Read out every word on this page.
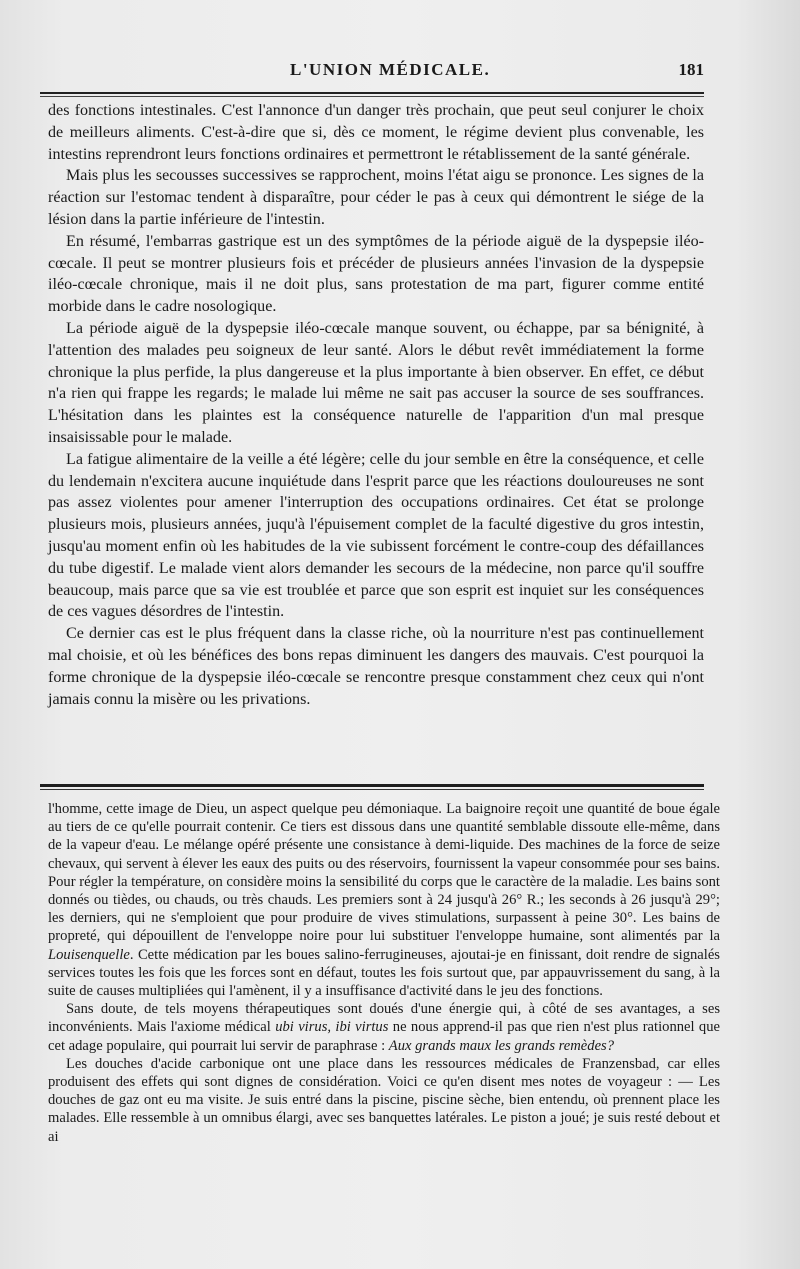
L'UNION MÉDICALE.	181

des fonctions intestinales. C'est l'annonce d'un danger très prochain, que peut seul conjurer le choix de meilleurs aliments. C'est-à-dire que si, dès ce moment, le régime devient plus convenable, les intestins reprendront leurs fonctions ordinaires et permettront le rétablissement de la santé générale.

Mais plus les secousses successives se rapprochent, moins l'état aigu se prononce. Les signes de la réaction sur l'estomac tendent à disparaître, pour céder le pas à ceux qui démontrent le siége de la lésion dans la partie inférieure de l'intestin.

En résumé, l'embarras gastrique est un des symptômes de la période aiguë de la dyspepsie iléo-cœcale. Il peut se montrer plusieurs fois et précéder de plusieurs années l'invasion de la dyspepsie iléo-cœcale chronique, mais il ne doit plus, sans protestation de ma part, figurer comme entité morbide dans le cadre nosologique.

La période aiguë de la dyspepsie iléo-cœcale manque souvent, ou échappe, par sa bénignité, à l'attention des malades peu soigneux de leur santé. Alors le début revêt immédiatement la forme chronique la plus perfide, la plus dangereuse et la plus importante à bien observer. En effet, ce début n'a rien qui frappe les regards; le malade lui même ne sait pas accuser la source de ses souffrances. L'hésitation dans les plaintes est la conséquence naturelle de l'apparition d'un mal presque insaisissable pour le malade.

La fatigue alimentaire de la veille a été légère; celle du jour semble en être la conséquence, et celle du lendemain n'excitera aucune inquiétude dans l'esprit parce que les réactions douloureuses ne sont pas assez violentes pour amener l'interruption des occupations ordinaires. Cet état se prolonge plusieurs mois, plusieurs années, juqu'à l'épuisement complet de la faculté digestive du gros intestin, jusqu'au moment enfin où les habitudes de la vie subissent forcément le contre-coup des défaillances du tube digestif. Le malade vient alors demander les secours de la médecine, non parce qu'il souffre beaucoup, mais parce que sa vie est troublée et parce que son esprit est inquiet sur les conséquences de ces vagues désordres de l'intestin.

Ce dernier cas est le plus fréquent dans la classe riche, où la nourriture n'est pas continuellement mal choisie, et où les bénéfices des bons repas diminuent les dangers des mauvais. C'est pourquoi la forme chronique de la dyspepsie iléo-cœcale se rencontre presque constamment chez ceux qui n'ont jamais connu la misère ou les privations.

l'homme, cette image de Dieu, un aspect quelque peu démoniaque. La baignoire reçoit une quantité de boue égale au tiers de ce qu'elle pourrait contenir. Ce tiers est dissous dans une quantité semblable dissoute elle-même, dans de la vapeur d'eau. Le mélange opéré présente une consistance à demi-liquide. Des machines de la force de seize chevaux, qui servent à élever les eaux des puits ou des réservoirs, fournissent la vapeur consommée pour ses bains. Pour régler la température, on considère moins la sensibilité du corps que le caractère de la maladie. Les bains sont donnés ou tièdes, ou chauds, ou très chauds. Les premiers sont à 24 jusqu'à 26° R.; les seconds à 26 jusqu'à 29°; les derniers, qui ne s'emploient que pour produire de vives stimulations, surpassent à peine 30°. Les bains de propreté, qui dépouillent de l'enveloppe noire pour lui substituer l'enveloppe humaine, sont alimentés par la Louisenquelle. Cette médication par les boues salino-ferrugineuses, ajoutai-je en finissant, doit rendre de signalés services toutes les fois que les forces sont en défaut, toutes les fois surtout que, par appauvrissement du sang, à la suite de causes multipliées qui l'amènent, il y a insuffisance d'activité dans le jeu des fonctions.

Sans doute, de tels moyens thérapeutiques sont doués d'une énergie qui, à côté de ses avantages, a ses inconvénients. Mais l'axiome médical ubi virus, ibi virtus ne nous apprend-il pas que rien n'est plus rationnel que cet adage populaire, qui pourrait lui servir de paraphrase : Aux grands maux les grands remèdes?

Les douches d'acide carbonique ont une place dans les ressources médicales de Franzensbad, car elles produisent des effets qui sont dignes de considération. Voici ce qu'en disent mes notes de voyageur : — Les douches de gaz ont eu ma visite. Je suis entré dans la piscine, piscine sèche, bien entendu, où prennent place les malades. Elle ressemble à un omnibus élargi, avec ses banquettes latérales. Le piston a joué; je suis resté debout et ai
